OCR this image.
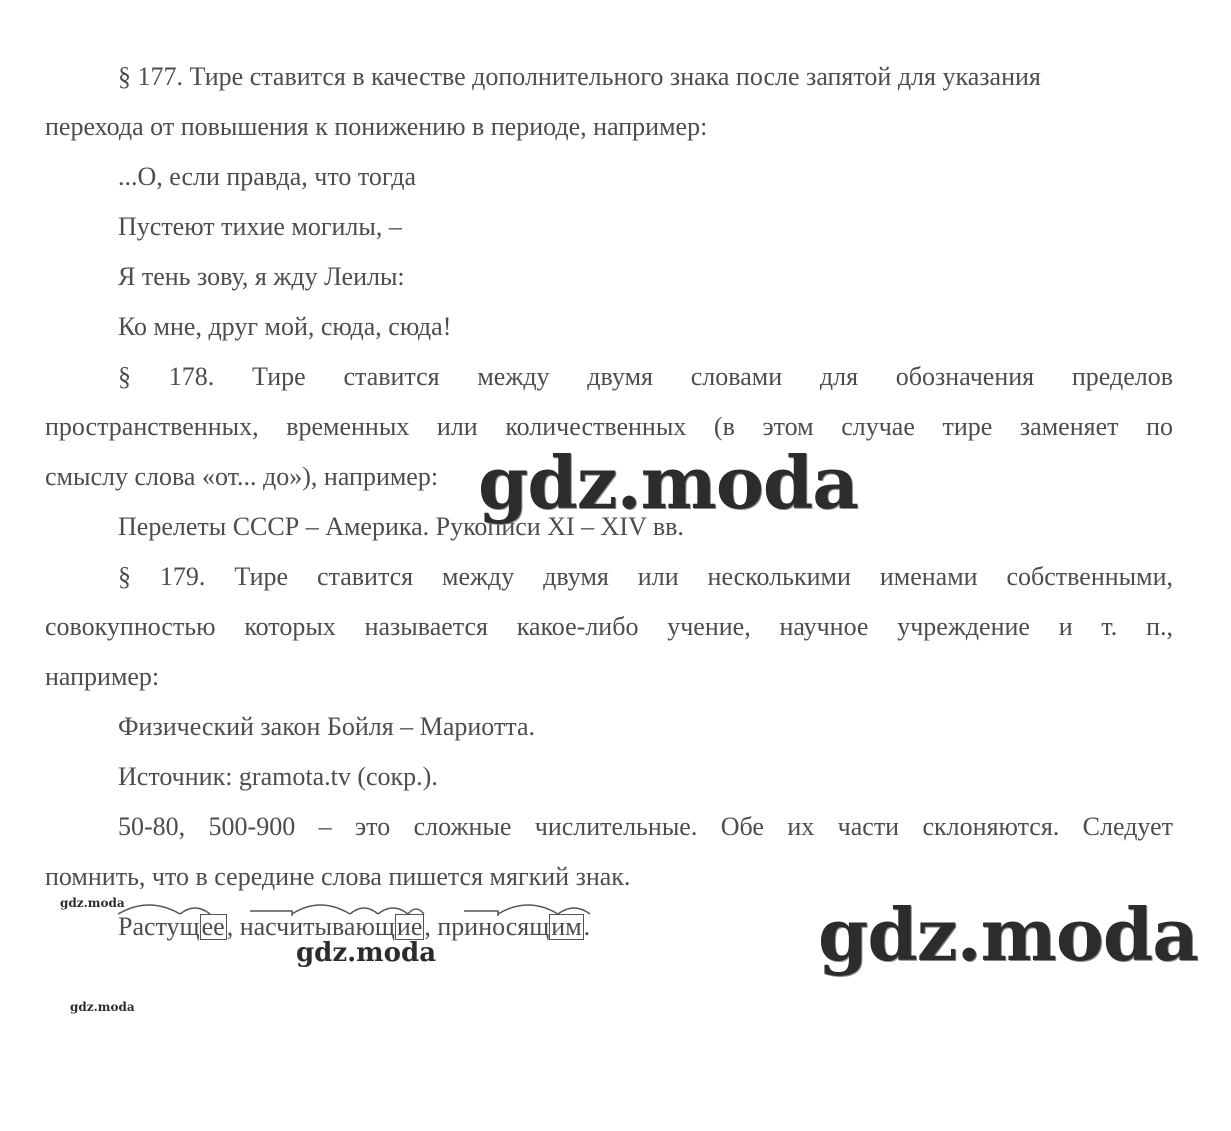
§ 177. Тире ставится в качестве дополнительного знака после запятой для указания
перехода от повышения к понижению в периоде, например:
...О, если правда, что тогда
Пустеют тихие могилы, –
Я тень зову, я жду Леилы:
Ко мне, друг мой, сюда, сюда!
§ 178. Тире ставится между двумя словами для обозначения пределов
пространственных, временных или количественных (в этом случае тире заменяет по
смыслу слова «от... до»), например:
Перелеты СССР – Америка. Рукописи XI – XIV вв.
§ 179. Тире ставится между двумя или несколькими именами собственными,
совокупностью которых называется какое-либо учение, научное учреждение и т. п.,
например:
Физический закон Бойля – Мариотта.
Источник: gramota.tv (сокр.).
50-80, 500-900 – это сложные числительные. Обе их части склоняются. Следует
помнить, что в середине слова пишется мягкий знак.
Растущее, насчитывающие, приносящим.
gdz.moda
gdz.moda
gdz.moda
gdz.moda
gdz.moda
